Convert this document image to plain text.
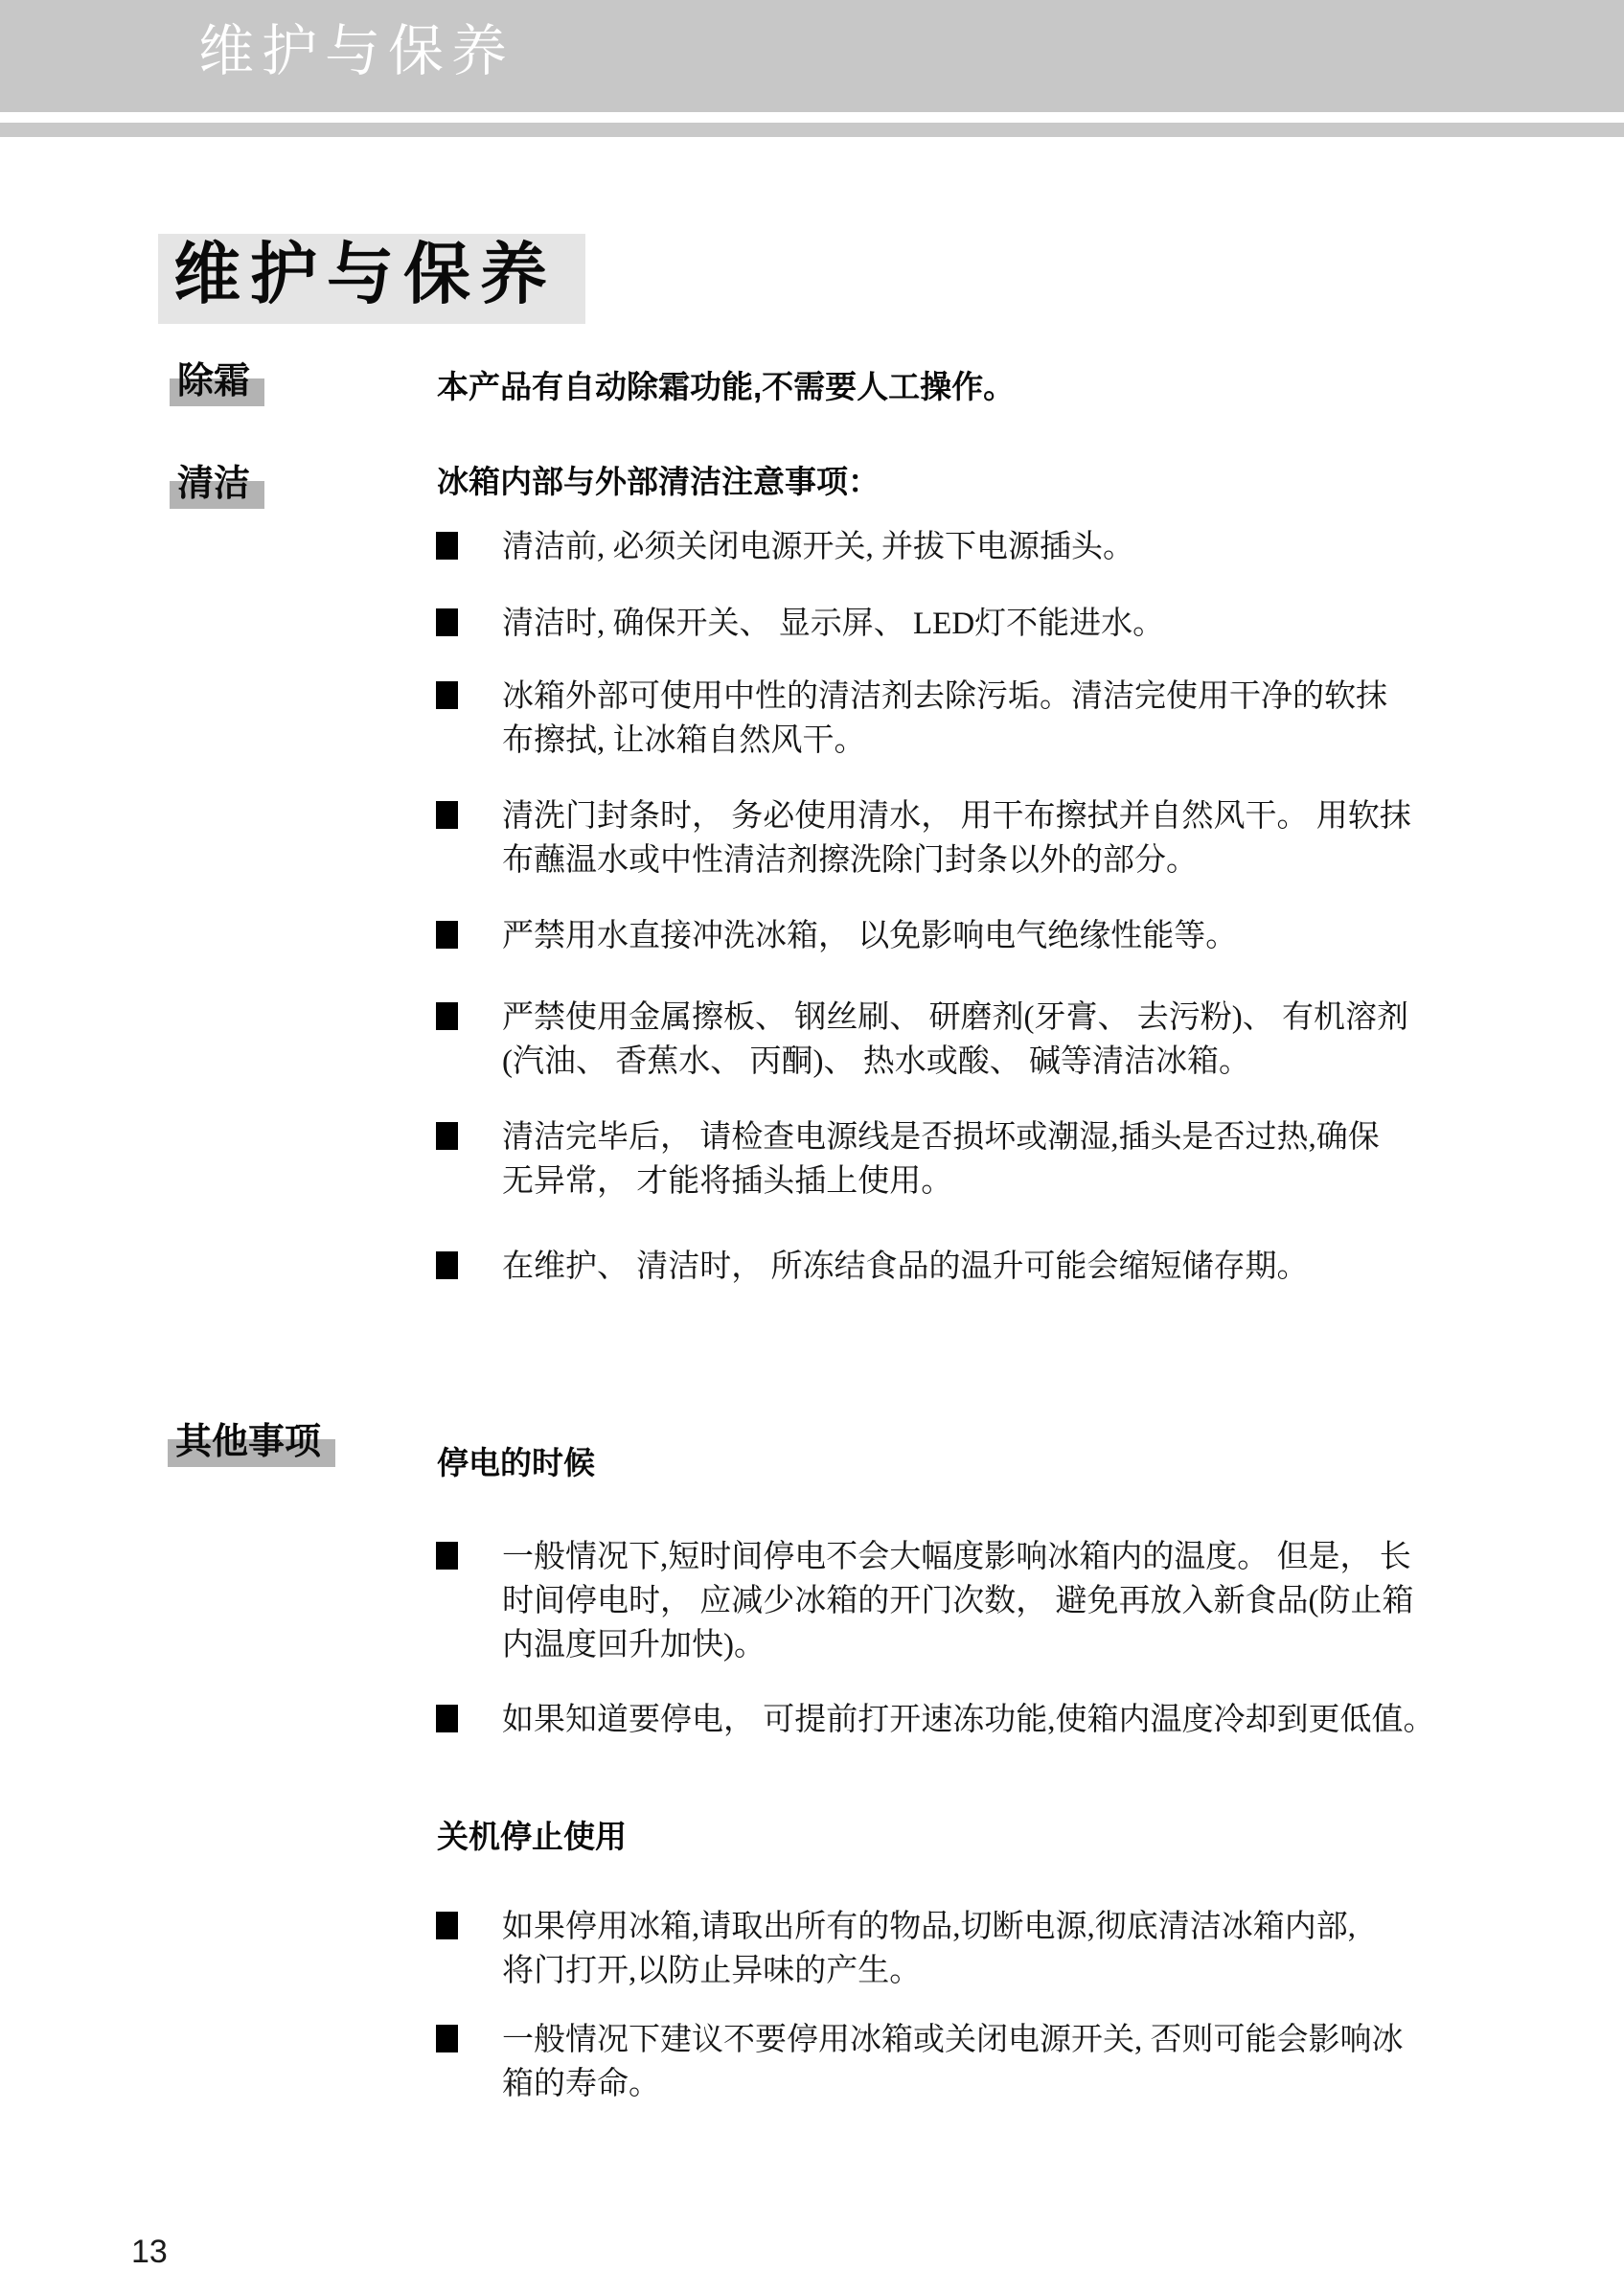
维护与保养
维护与保养
除霜	本产品有自动除霜功能,不需要人工操作。
清洁	冰箱内部与外部清洁注意事项：
清洁前, 必须关闭电源开关, 并拔下电源插头。
清洁时, 确保开关、 显示屏、 LED灯不能进水。
冰箱外部可使用中性的清洁剂去除污垢。清洁完使用干净的软抹
布擦拭, 让冰箱自然风干。
清洗门封条时， 务必使用清水， 用干布擦拭并自然风干。 用软抹
布蘸温水或中性清洁剂擦洗除门封条以外的部分。
严禁用水直接冲洗冰箱， 以免影响电气绝缘性能等。
严禁使用金属擦板、 钢丝刷、 研磨剂(牙膏、 去污粉)、 有机溶剂
(汽油、 香蕉水、 丙酮)、 热水或酸、 碱等清洁冰箱。
清洁完毕后， 请检查电源线是否损坏或潮湿,插头是否过热,确保
无异常， 才能将插头插上使用。
在维护、 清洁时， 所冻结食品的温升可能会缩短储存期。
其他事项
停电的时候
一般情况下,短时间停电不会大幅度影响冰箱内的温度。 但是， 长
时间停电时， 应减少冰箱的开门次数， 避免再放入新食品(防止箱
内温度回升加快)。
如果知道要停电， 可提前打开速冻功能,使箱内温度冷却到更低值。
关机停止使用
如果停用冰箱,请取出所有的物品,切断电源,彻底清洁冰箱内部,
将门打开,以防止异味的产生。
一般情况下建议不要停用冰箱或关闭电源开关, 否则可能会影响冰
箱的寿命。
13
